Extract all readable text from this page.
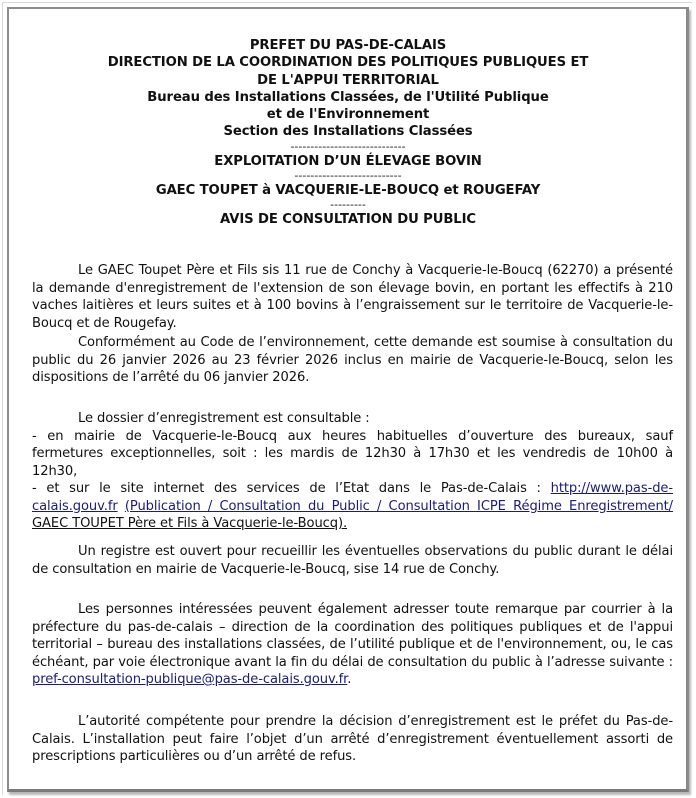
PREFET DU PAS-DE-CALAIS
DIRECTION DE LA COORDINATION DES POLITIQUES PUBLIQUES ET
DE L'APPUI TERRITORIAL
Bureau des Installations Classées, de l'Utilité Publique
et de l'Environnement
Section des Installations Classées
-----------------------------
EXPLOITATION D’UN ÉLEVAGE BOVIN
---------------------------
GAEC TOUPET à VACQUERIE-LE-BOUCQ et ROUGEFAY
---------
AVIS DE CONSULTATION DU PUBLIC

Le GAEC Toupet Père et Fils sis 11 rue de Conchy à Vacquerie-le-Boucq (62270) a présenté la demande d'enregistrement de l'extension de son élevage bovin, en portant les effectifs à 210 vaches laitières et leurs suites et à 100 bovins à l’engraissement sur le territoire de Vacquerie-le-Boucq et de Rougefay.

Conformément au Code de l’environnement, cette demande est soumise à consultation du public du 26 janvier 2026 au 23 février 2026 inclus en mairie de Vacquerie-le-Boucq, selon les dispositions de l’arrêté du 06 janvier 2026.

Le dossier d’enregistrement est consultable :

- en mairie de Vacquerie-le-Boucq aux heures habituelles d’ouverture des bureaux, sauf fermetures exceptionnelles, soit : les mardis de 12h30 à 17h30 et les vendredis de 10h00 à 12h30,

- et sur le site internet des services de l’Etat dans le Pas-de-Calais : http://www.pas-de-calais.gouv.fr (Publication / Consultation du Public / Consultation ICPE Régime Enregistrement/ GAEC TOUPET Père et Fils à Vacquerie-le-Boucq).

Un registre est ouvert pour recueillir les éventuelles observations du public durant le délai de consultation en mairie de Vacquerie-le-Boucq, sise 14 rue de Conchy.

Les personnes intéressées peuvent également adresser toute remarque par courrier à la préfecture du pas-de-calais – direction de la coordination des politiques publiques et de l'appui territorial – bureau des installations classées, de l’utilité publique et de l'environnement, ou, le cas échéant, par voie électronique avant la fin du délai de consultation du public à l’adresse suivante : pref-consultation-publique@pas-de-calais.gouv.fr.

L’autorité compétente pour prendre la décision d’enregistrement est le préfet du Pas-de-Calais. L’installation peut faire l’objet d’un arrêté d’enregistrement éventuellement assorti de prescriptions particulières ou d’un arrêté de refus.
